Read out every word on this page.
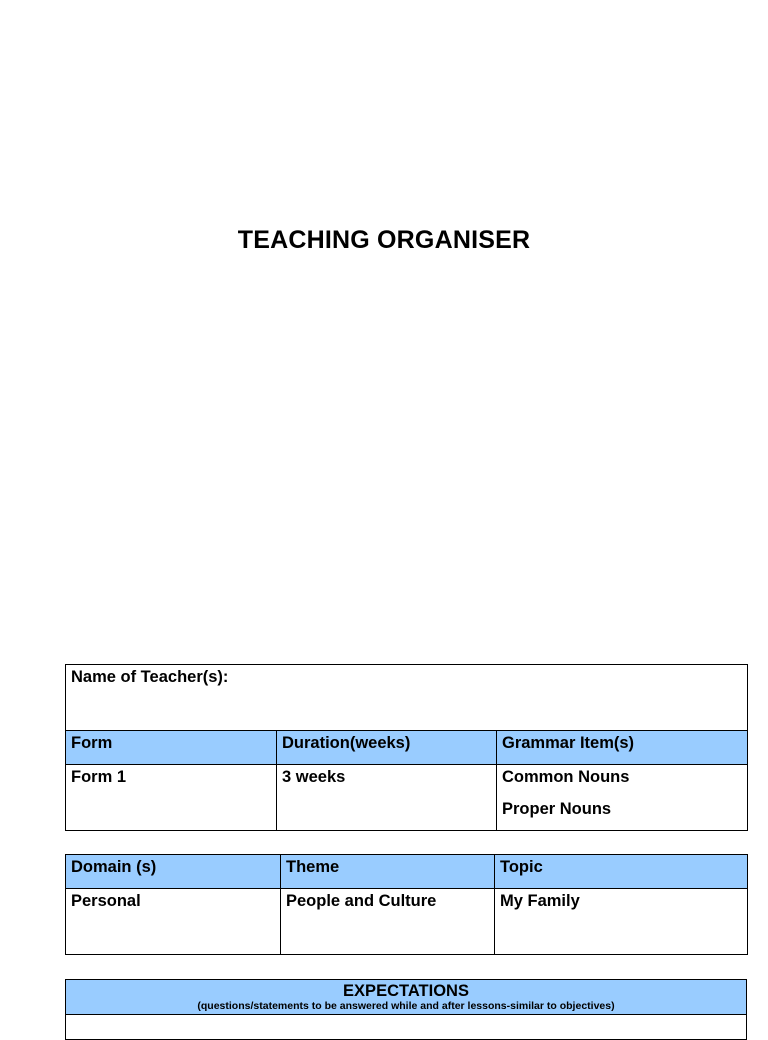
TEACHING ORGANISER
Name of Teacher(s):		
Form	Duration(weeks)	Grammar Item(s)
Form 1	3 weeks	Common Nouns
Proper Nouns
Domain (s)	Theme	Topic
Personal	People and Culture	My Family
EXPECTATIONS
(questions/statements to be answered while and after lessons-similar to objectives)
